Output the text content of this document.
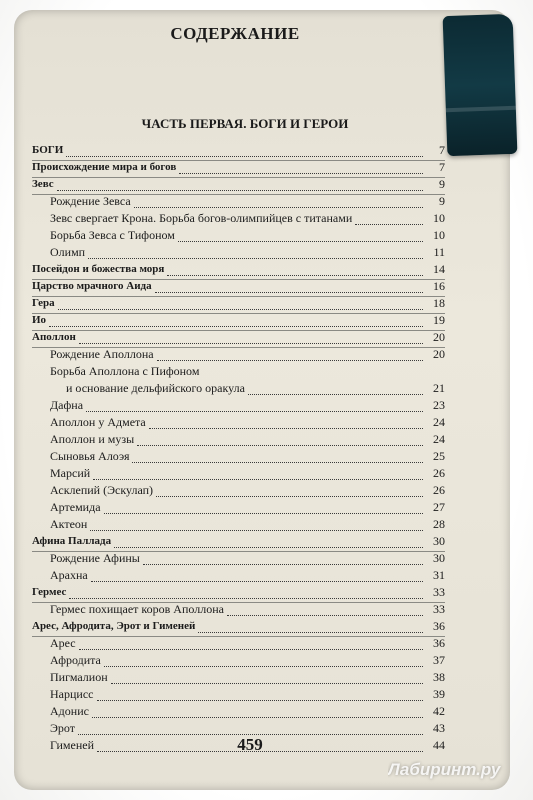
СОДЕРЖАНИЕ
ЧАСТЬ ПЕРВАЯ. БОГИ И ГЕРОИ
БОГИ	7
Происхождение мира и богов	7
Зевс	9
Рождение Зевса	9
Зевс свергает Крона. Борьба богов-олимпийцев с титанами	10
Борьба Зевса с Тифоном	10
Олимп	11
Посейдон и божества моря	14
Царство мрачного Аида	16
Гера	18
Ио	19
Аполлон	20
Рождение Аполлона	20
Борьба Аполлона с Пифоном
и основание дельфийского оракула	21
Дафна	23
Аполлон у Адмета	24
Аполлон и музы	24
Сыновья Алоэя	25
Марсий	26
Асклепий (Эскулап)	26
Артемида	27
Актеон	28
Афина Паллада	30
Рождение Афины	30
Арахна	31
Гермес	33
Гермес похищает коров Аполлона	33
Арес, Афродита, Эрот и Гименей	36
Арес	36
Афродита	37
Пигмалион	38
Нарцисс	39
Адонис	42
Эрот	43
Гименей	44
459
Лабиринт.ру
